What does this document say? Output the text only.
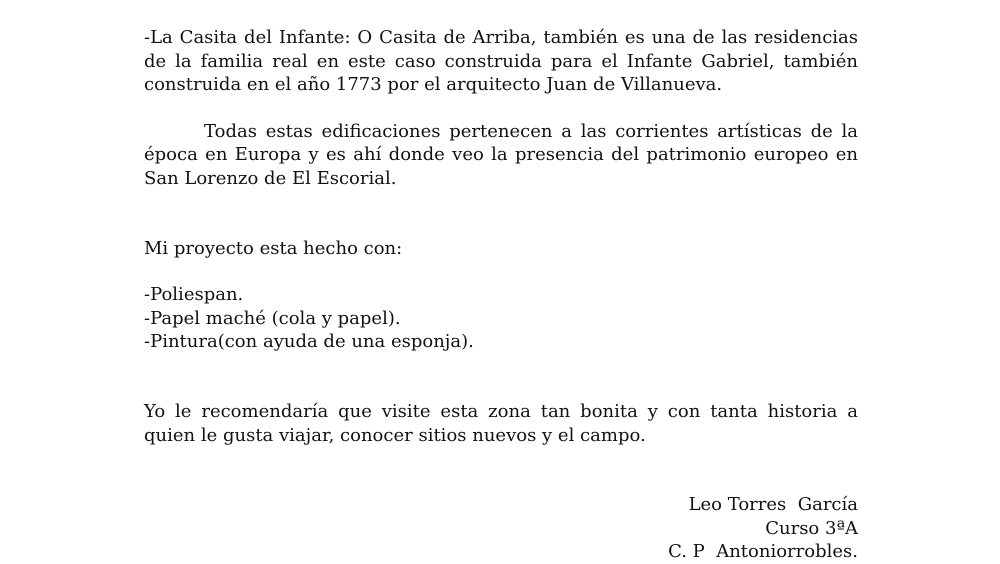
-La Casita del Infante: O Casita de Arriba, también es una de las residencias de la familia real en este caso construida para el Infante Gabriel, también construida en el año 1773 por el arquitecto Juan de Villanueva.

Todas estas edificaciones pertenecen a las corrientes artísticas de la época en Europa y es ahí donde veo la presencia del patrimonio europeo en San Lorenzo de El Escorial.

Mi proyecto esta hecho con:

-Poliespan.

-Papel maché (cola y papel).

-Pintura(con ayuda de una esponja).

Yo le recomendaría que visite esta zona tan bonita y con tanta historia a quien le gusta viajar, conocer sitios nuevos y el campo.

Leo Torres  García

Curso 3ªA

C. P  Antoniorrobles.
